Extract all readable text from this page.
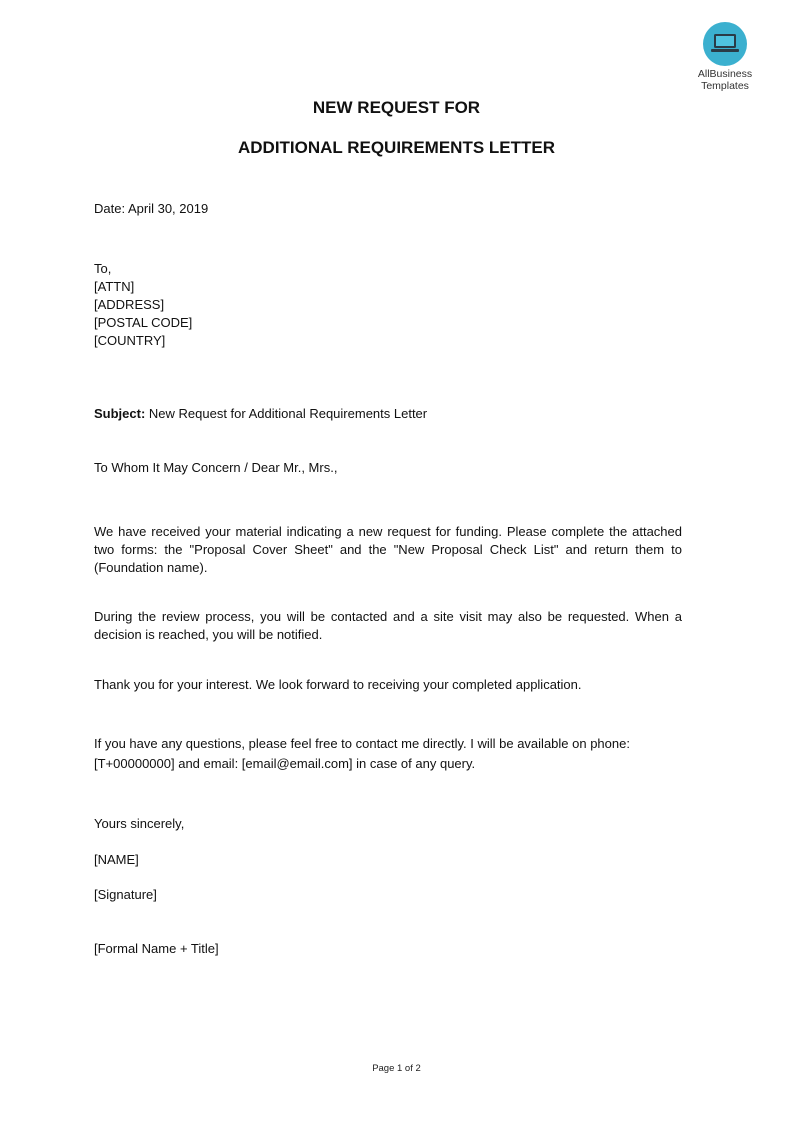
AllBusiness
Templates
NEW REQUEST FOR
ADDITIONAL REQUIREMENTS LETTER
Date: April 30, 2019
To,
[ATTN]
[ADDRESS]
[POSTAL CODE]
[COUNTRY]
Subject: New Request for Additional Requirements Letter
To Whom It May Concern / Dear Mr., Mrs.,
We have received your material indicating a new request for funding. Please complete the attached two forms: the "Proposal Cover Sheet" and the "New Proposal Check List" and return them to (Foundation name).
During the review process, you will be contacted and a site visit may also be requested. When a decision is reached, you will be notified.
Thank you for your interest. We look forward to receiving your completed application.
If you have any questions, please feel free to contact me directly. I will be available on phone:
[T+00000000] and email: [email@email.com] in case of any query.
Yours sincerely,
[NAME]
[Signature]
[Formal Name + Title]
Page 1 of 2
